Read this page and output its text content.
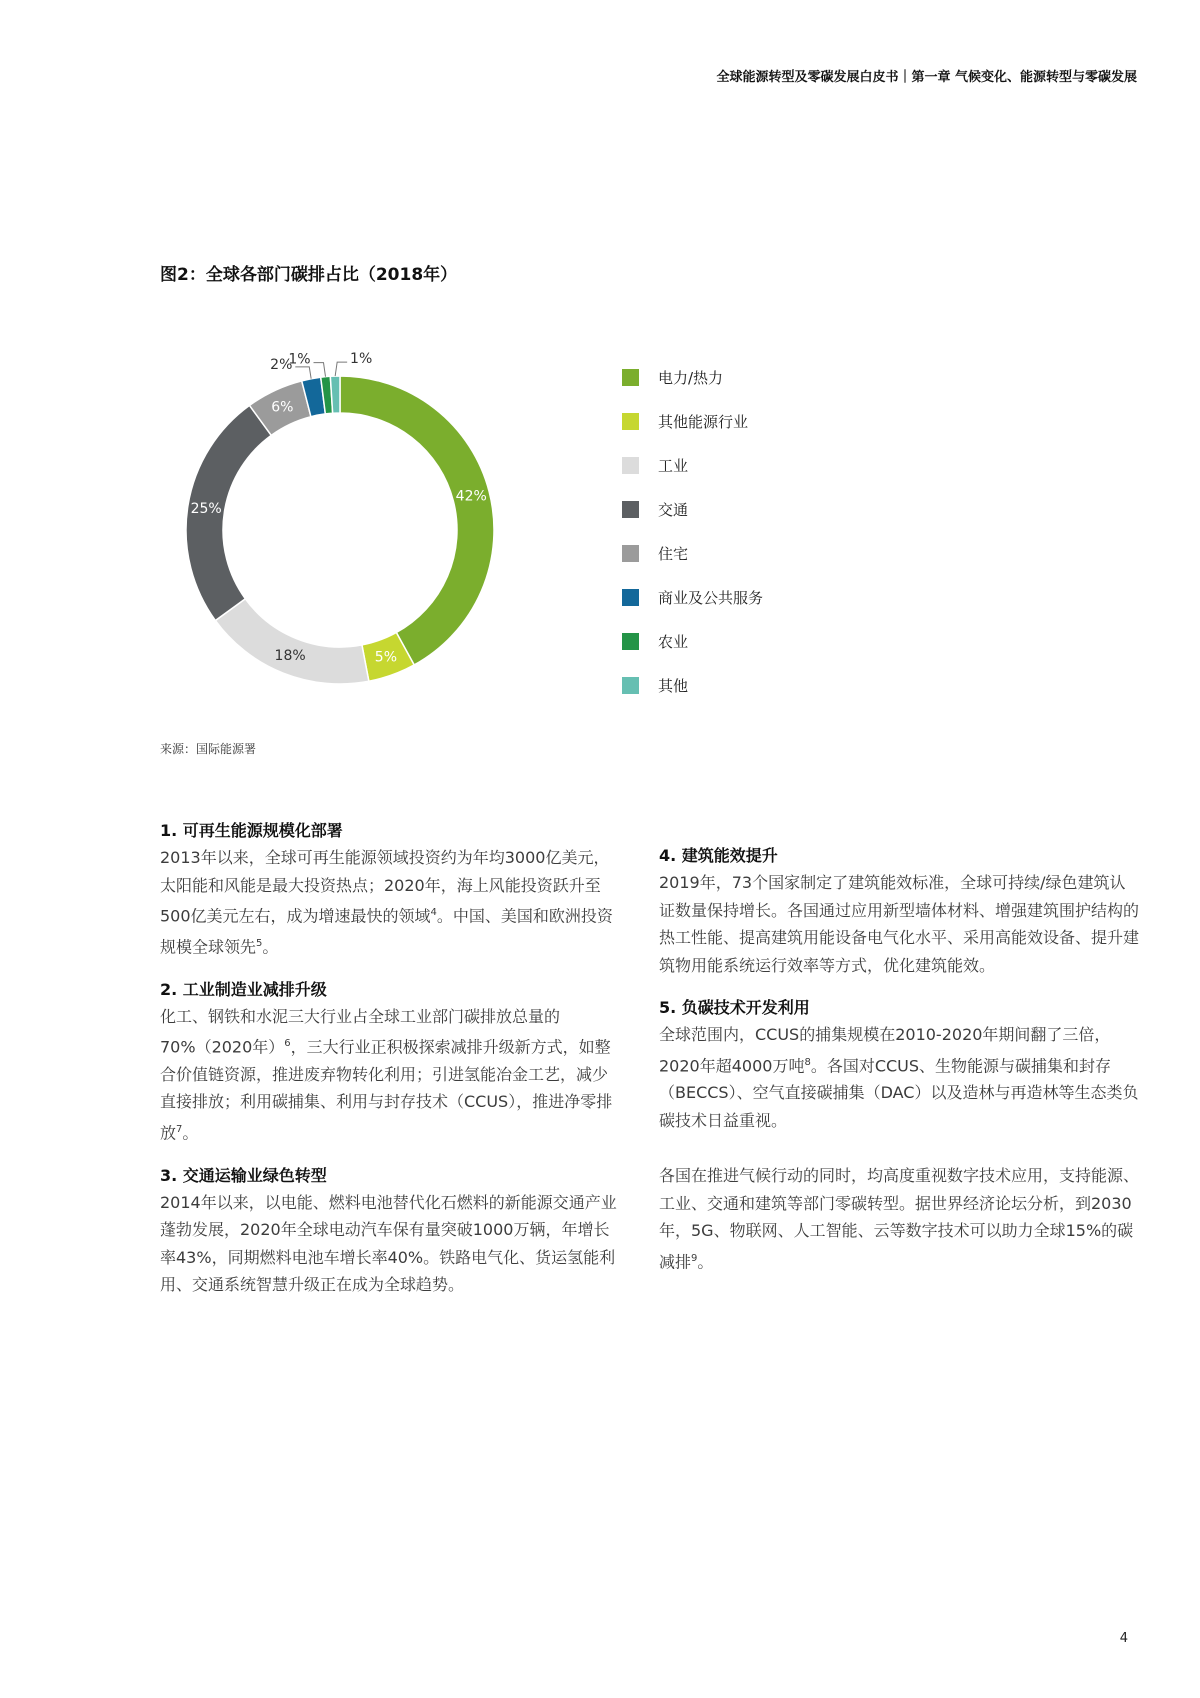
全球能源转型及零碳发展白皮书｜第一章 气候变化、能源转型与零碳发展
图2：全球各部门碳排占比（2018年）
42%
5%
18%
25%
6%
2%
1%	1%
电力/热力
其他能源行业
工业
交通
住宅
商业及公共服务
农业
其他
来源：国际能源署
1. 可再生能源规模化部署

2013年以来，全球可再生能源领域投资约为年均3000亿美元，太阳能和风能是最大投资热点；2020年，海上风能投资跃升至500亿美元左右，成为增速最快的领域$^4$。中国、美国和欧洲投资规模全球领先$^5$。

2. 工业制造业减排升级

化工、钢铁和水泥三大行业占全球工业部门碳排放总量的70%（2020年）$^6$，三大行业正积极探索减排升级新方式，如整合价值链资源，推进废弃物转化利用；引进氢能冶金工艺，减少直接排放；利用碳捕集、利用与封存技术（CCUS），推进净零排放$^7$。

3. 交通运输业绿色转型

2014年以来，以电能、燃料电池替代化石燃料的新能源交通产业蓬勃发展，2020年全球电动汽车保有量突破1000万辆，年增长率43%，同期燃料电池车增长率40%。铁路电气化、货运氢能利用、交通系统智慧升级正在成为全球趋势。

4. 建筑能效提升

2019年，73个国家制定了建筑能效标准，全球可持续/绿色建筑认证数量保持增长。各国通过应用新型墙体材料、增强建筑围护结构的热工性能、提高建筑用能设备电气化水平、采用高能效设备、提升建筑物用能系统运行效率等方式，优化建筑能效。

5. 负碳技术开发利用

全球范围内，CCUS的捕集规模在2010-2020年期间翻了三倍，2020年超4000万吨$^8$。各国对CCUS、生物能源与碳捕集和封存（BECCS）、空气直接碳捕集（DAC）以及造林与再造林等生态类负碳技术日益重视。

各国在推进气候行动的同时，均高度重视数字技术应用，支持能源、工业、交通和建筑等部门零碳转型。据世界经济论坛分析，到2030年，5G、物联网、人工智能、云等数字技术可以助力全球15%的碳减排$^9$。

4
